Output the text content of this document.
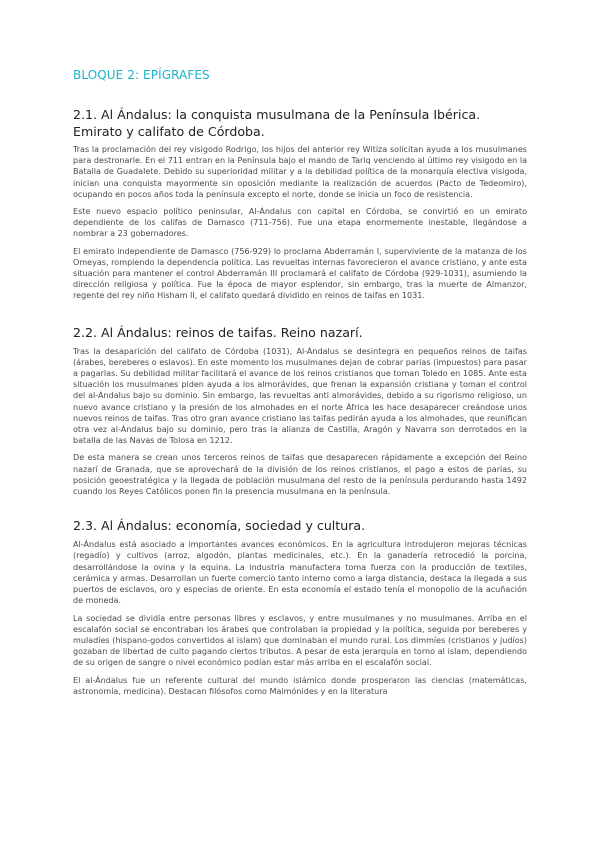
BLOQUE 2: EPÍGRAFES
2.1. Al Ándalus: la conquista musulmana de la Península Ibérica. Emirato y califato de Córdoba.

Tras la proclamación del rey visigodo Rodrigo, los hijos del anterior rey Witiza solicitan ayuda a los musulmanes para destronarle. En el 711 entran en la Península bajo el mando de Tariq venciendo al último rey visigodo en la Batalla de Guadalete. Debido su superioridad militar y a la debilidad política de la monarquía electiva visigoda, inician una conquista mayormente sin oposición mediante la realización de acuerdos (Pacto de Tedeomiro), ocupando en pocos años toda la península excepto el norte, donde se inicia un foco de resistencia.

Este nuevo espacio político peninsular, Al-Ándalus con capital en Córdoba, se convirtió en un emirato dependiente de los califas de Damasco (711-756). Fue una etapa enormemente inestable, llegándose a nombrar a 23 gobernadores.

El emirato independiente de Damasco (756-929) lo proclama Abderramán I, superviviente de la matanza de los Omeyas, rompiendo la dependencia política. Las revueltas internas favorecieron el avance cristiano, y ante esta situación para mantener el control Abderramán III proclamará el califato de Córdoba (929-1031), asumiendo la dirección religiosa y política. Fue la época de mayor esplendor, sin embargo, tras la muerte de Almanzor, regente del rey niño Hisham II, el califato quedará dividido en reinos de taifas en 1031.

2.2. Al Ándalus: reinos de taifas. Reino nazarí.

Tras la desaparición del califato de Córdoba (1031), Al-Ándalus se desintegra en pequeños reinos de taifas (árabes, bereberes o eslavos). En este momento los musulmanes dejan de cobrar parias (impuestos) para pasar a pagarlas. Su debilidad militar facilitará el avance de los reinos cristianos que toman Toledo en 1085. Ante esta situación los musulmanes piden ayuda a los almorávides, que frenan la expansión cristiana y toman el control del al-Ándalus bajo su dominio. Sin embargo, las revueltas anti almorávides, debido a su rigorismo religioso, un nuevo avance cristiano y la presión de los almohades en el norte África les hace desaparecer creándose unos nuevos reinos de taifas. Tras otro gran avance cristiano las taifas pedirán ayuda a los almohades, que reunifican otra vez al-Ándalus bajo su dominio, pero tras la alianza de Castilla, Aragón y Navarra son derrotados en la batalla de las Navas de Tolosa en 1212.

De esta manera se crean unos terceros reinos de taifas que desaparecen rápidamente a excepción del Reino nazarí de Granada, que se aprovechará de la división de los reinos cristianos, el pago a estos de parias, su posición geoestratégica y la llegada de población musulmana del resto de la península perdurando hasta 1492 cuando los Reyes Católicos ponen fin la presencia musulmana en la península.

2.3. Al Ándalus: economía, sociedad y cultura.

Al-Ándalus está asociado a importantes avances económicos. En la agricultura introdujeron mejoras técnicas (regadío) y cultivos (arroz, algodón, plantas medicinales, etc.). En la ganadería retrocedió la porcina, desarrollándose la ovina y la equina. La industria manufactera toma fuerza con la producción de textiles, cerámica y armas. Desarrollan un fuerte comercio tanto interno como a larga distancia, destaca la llegada a sus puertos de esclavos, oro y especias de oriente. En esta economía el estado tenía el monopolio de la acuñación de moneda.

La sociedad se dividía entre personas libres y esclavos, y entre musulmanes y no musulmanes. Arriba en el escalafón social se encontraban los árabes que controlaban la propiedad y la política, seguida por bereberes y muladíes (hispano-godos convertidos al islam) que dominaban el mundo rural. Los dimmíes (cristianos y judíos) gozaban de libertad de culto pagando ciertos tributos. A pesar de esta jerarquía en torno al islam, dependiendo de su origen de sangre o nivel económico podían estar más arriba en el escalafón social.

El al-Ándalus fue un referente cultural del mundo islámico donde prosperaron las ciencias (matemáticas, astronomía, medicina). Destacan filósofos como Maimónides y en la literatura
